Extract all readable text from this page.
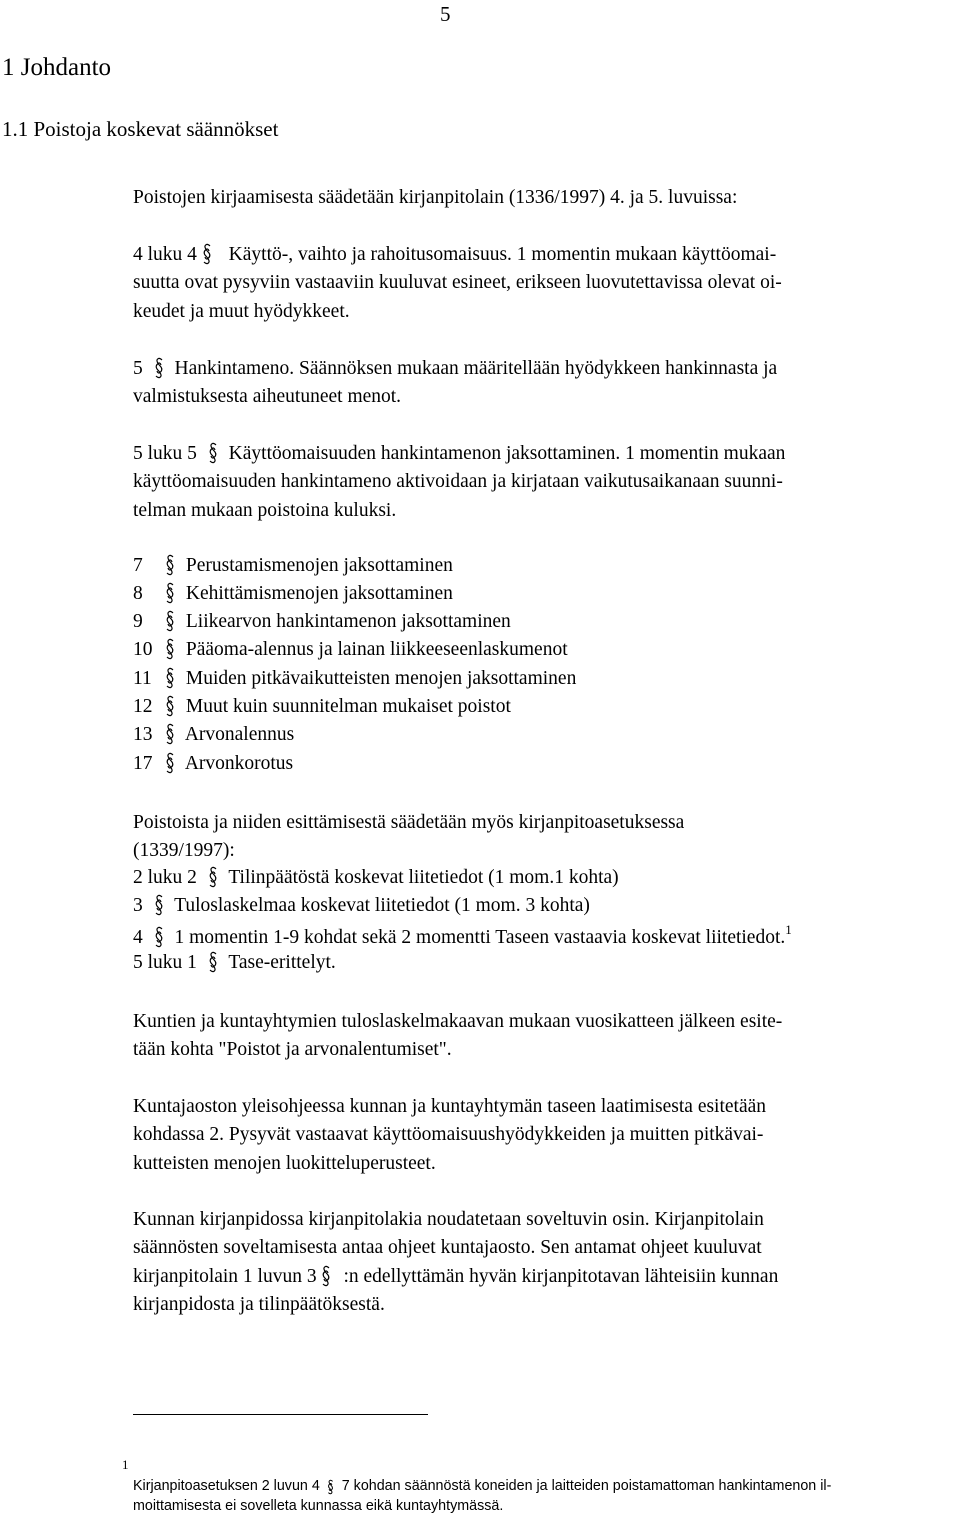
5
1 Johdanto
1.1 Poistoja koskevat säännökset

Poistojen kirjaamisesta säädetään kirjanpitolain (1336/1997) 4. ja 5. luvuissa:

4 luku 4 Käyttö-, vaihto ja rahoitusomaisuus. 1 momentin mukaan käyttöomai-
suutta ovat pysyviin vastaaviin kuuluvat esineet, erikseen luovutettavissa olevat oi-
keudet ja muut hyödykkeet.

5 Hankintameno. Säännöksen mukaan määritellään hyödykkeen hankinnasta ja
valmistuksesta aiheutuneet menot.

5 luku 5 Käyttöomaisuuden hankintamenon jaksottaminen. 1 momentin mukaan
käyttöomaisuuden hankintameno aktivoidaan ja kirjataan vaikutusaikanaan suunni-
telman mukaan poistoina kuluksi.

7 Perustamismenojen jaksottaminen

8 Kehittämismenojen jaksottaminen

9 Liikearvon hankintamenon jaksottaminen

10 Pääoma-alennus ja lainan liikkeeseenlaskumenot

11 Muiden pitkävaikutteisten menojen jaksottaminen

12 Muut kuin suunnitelman mukaiset poistot

13 Arvonalennus

17 Arvonkorotus

Poistoista ja niiden esittämisestä säädetään myös kirjanpitoasetuksessa
(1339/1997):

2 luku 2 Tilinpäätöstä koskevat liitetiedot (1 mom.1 kohta)

3 Tuloslaskelmaa koskevat liitetiedot (1 mom. 3 kohta)

4 1 momentin 1-9 kohdat sekä 2 momentti Taseen vastaavia koskevat liitetiedot.$^1$

5 luku 1 Tase-erittelyt.

Kuntien ja kuntayhtymien tuloslaskelmakaavan mukaan vuosikatteen jälkeen esite-
tään kohta "Poistot ja arvonalentumiset".

Kuntajaoston yleisohjeessa kunnan ja kuntayhtymän taseen laatimisesta esitetään
kohdassa 2. Pysyvät vastaavat käyttöomaisuushyödykkeiden ja muitten pitkävai-
kutteisten menojen luokitteluperusteet.

Kunnan kirjanpidossa kirjanpitolakia noudatetaan soveltuvin osin. Kirjanpitolain
säännösten soveltamisesta antaa ohjeet kuntajaosto. Sen antamat ohjeet kuuluvat
kirjanpitolain 1 luvun 3 :n edellyttämän hyvän kirjanpitotavan lähteisiin kunnan
kirjanpidosta ja tilinpäätöksestä.

1

Kirjanpitoasetuksen 2 luvun 4 7 kohdan säännöstä koneiden ja laitteiden poistamattoman hankintamenon il-
moittamisesta ei sovelleta kunnassa eikä kuntayhtymässä.
